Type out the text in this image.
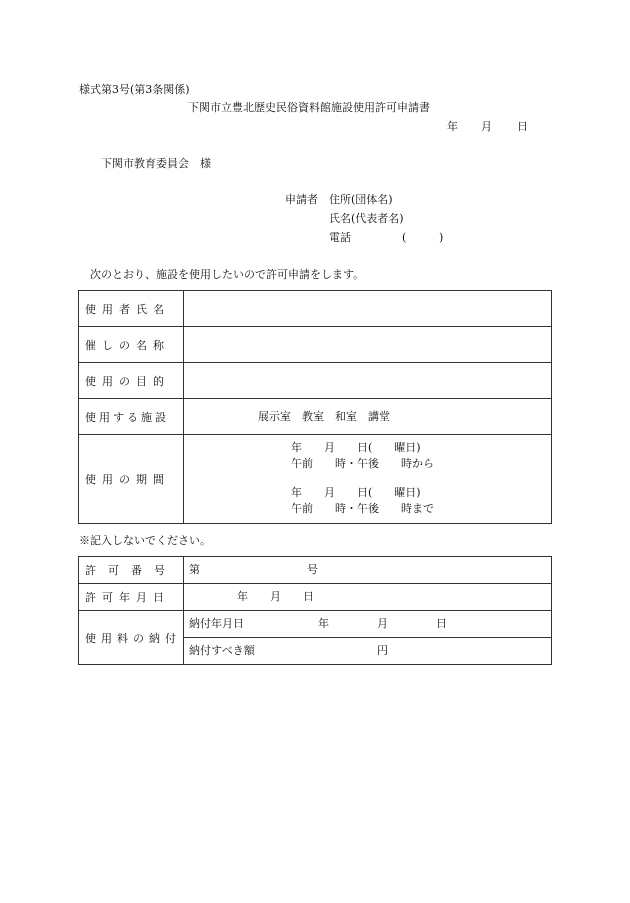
様式第3号(第3条関係)
下関市立豊北歴史民俗資料館施設使用許可申請書
年 月 日
下関市教育委員会　様
申請者 住所(団体名)
氏名(代表者名)
電話	(	)
次のとおり、施設を使用したいので許可申請をします。
使用者氏名	

催しの名称	

使用の目的	

使用する施設	展示室　教室　和室　講堂

使用の期間	年　　月　　日(　　曜日)
午前　　時・午後　　時から
年　　月　　日(　　曜日)
午前　　時・午後　　時まで
※記入しないでください。
許可番号	第 号

許可年月日	年　　月　　日

使用料の納付	納付年月日 年 月 日

	納付すべき額 円
